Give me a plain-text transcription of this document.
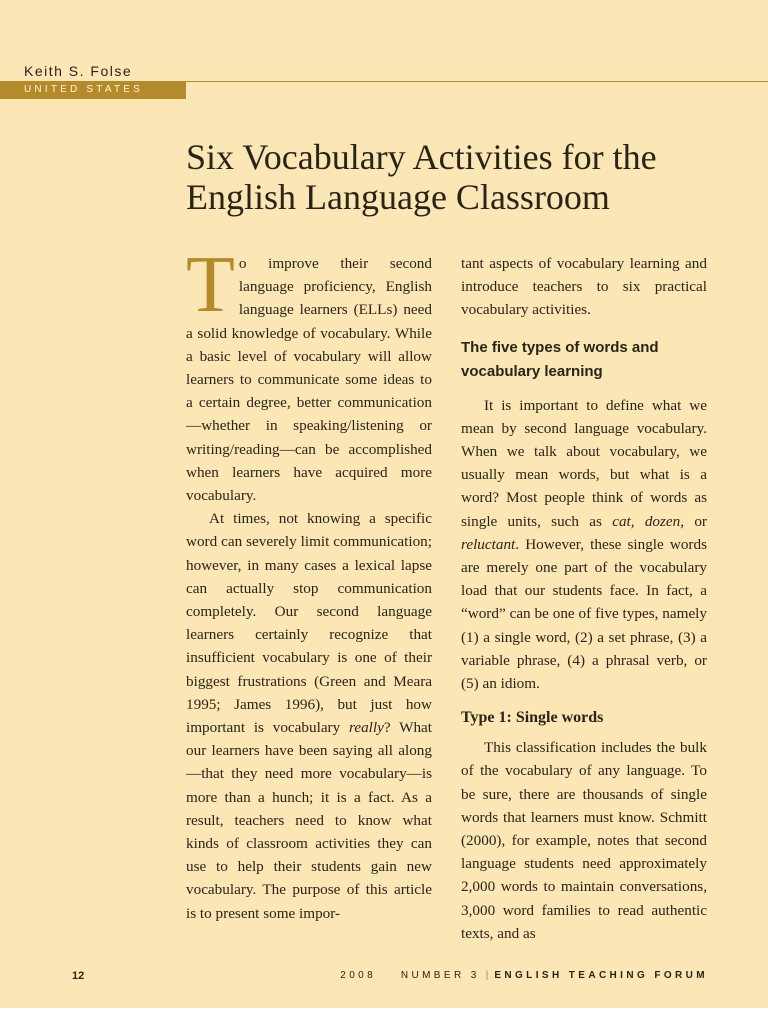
Keith S. Folse
UNITED STATES
Six Vocabulary Activities for the
English Language Classroom

To improve their second language proficiency, English language learners (ELLs) need a solid knowledge of vocabulary. While a basic level of vocabulary will allow learners to communicate some ideas to a certain degree, better communication—whether in speaking/listening or writing/reading—can be accomplished when learners have acquired more vocabulary.

At times, not knowing a specific word can severely limit communication; however, in many cases a lexical lapse can actually stop communication completely. Our second language learners certainly recognize that insufficient vocabulary is one of their biggest frustrations (Green and Meara 1995; James 1996), but just how important is vocabulary really? What our learners have been saying all along—that they need more vocabulary—is more than a hunch; it is a fact. As a result, teachers need to know what kinds of classroom activities they can use to help their students gain new vocabulary. The purpose of this article is to present some impor-

tant aspects of vocabulary learning and introduce teachers to six practical vocabulary activities.

The five types of words and vocabulary learning

It is important to define what we mean by second language vocabulary. When we talk about vocabulary, we usually mean words, but what is a word? Most people think of words as single units, such as cat, dozen, or reluctant. However, these single words are merely one part of the vocabulary load that our students face. In fact, a “word” can be one of five types, namely (1) a single word, (2) a set phrase, (3) a variable phrase, (4) a phrasal verb, or (5) an idiom.

Type 1: Single words

This classification includes the bulk of the vocabulary of any language. To be sure, there are thousands of single words that learners must know. Schmitt (2000), for example, notes that second language students need approximately 2,000 words to maintain conversations, 3,000 word families to read authentic texts, and as

12	2008 NUMBER 3 | ENGLISH TEACHING FORUM
